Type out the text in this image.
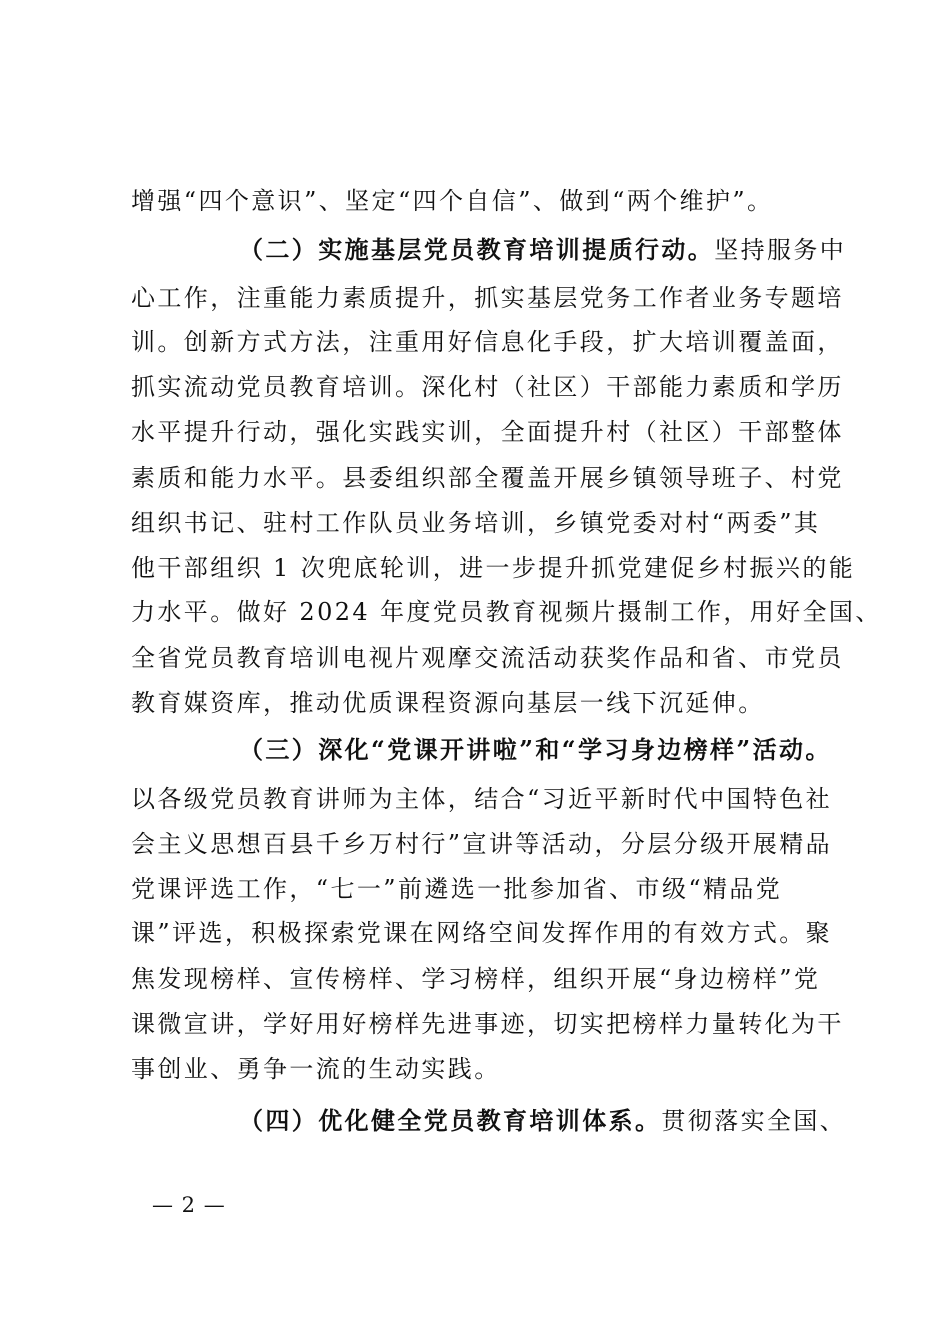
增强“四个意识”、坚定“四个自信”、做到“两个维护”。
（二）实施基层党员教育培训提质行动。坚持服务中
心工作，注重能力素质提升，抓实基层党务工作者业务专题培
训。创新方式方法，注重用好信息化手段，扩大培训覆盖面，
抓实流动党员教育培训。深化村（社区）干部能力素质和学历
水平提升行动，强化实践实训，全面提升村（社区）干部整体
素质和能力水平。县委组织部全覆盖开展乡镇领导班子、村党
组织书记、驻村工作队员业务培训，乡镇党委对村“两委”其
他干部组织 1 次兜底轮训，进一步提升抓党建促乡村振兴的能
力水平。做好 2024 年度党员教育视频片摄制工作，用好全国、
全省党员教育培训电视片观摩交流活动获奖作品和省、市党员
教育媒资库，推动优质课程资源向基层一线下沉延伸。
（三）深化“党课开讲啦”和“学习身边榜样”活动。
以各级党员教育讲师为主体，结合“习近平新时代中国特色社
会主义思想百县千乡万村行”宣讲等活动，分层分级开展精品
党课评选工作，“七一”前遴选一批参加省、市级“精品党
课”评选，积极探索党课在网络空间发挥作用的有效方式。聚
焦发现榜样、宣传榜样、学习榜样，组织开展“身边榜样”党
课微宣讲，学好用好榜样先进事迹，切实把榜样力量转化为干
事创业、勇争一流的生动实践。
（四）优化健全党员教育培训体系。贯彻落实全国、
— 2 —
